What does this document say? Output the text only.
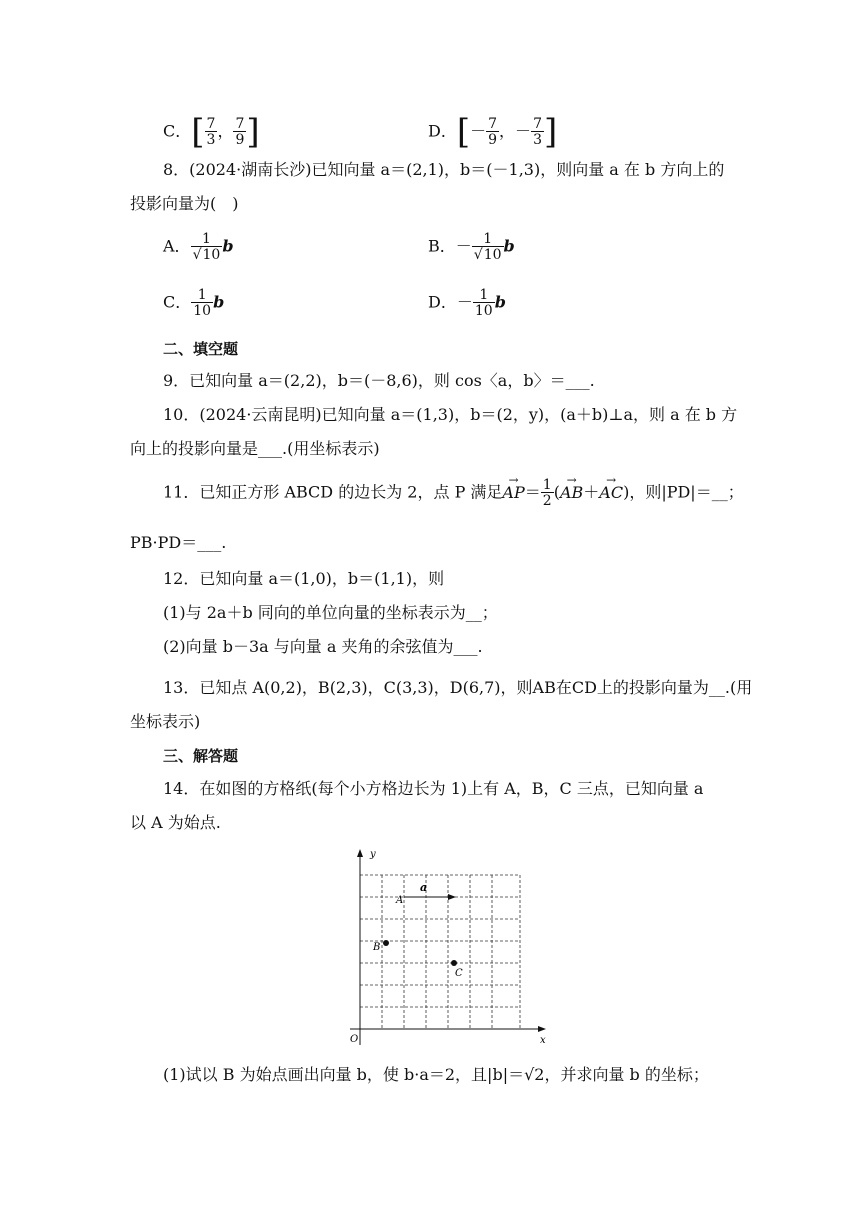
C．[ $\frac{7}{3}$ ， $\frac{7}{9}$ ]	D．[－ $\frac{7}{9}$ ，－ $\frac{7}{3}$ ]
8．(2024·湖南长沙)已知向量 a＝(2,1)，b＝(－1,3)，则向量 a 在 b 方向上的
投影向量为(　)
A． $\frac{1}{√10}$ b	B．－ $\frac{1}{√10}$ b
C． $\frac{1}{10}$ b	D．－ $\frac{1}{10}$ b
二、填空题
9．已知向量 a＝(2,2)，b＝(－8,6)，则 cos〈a，b〉＝___.
10．(2024·云南昆明)已知向量 a＝(1,3)，b＝(2，y)，(a＋b)⊥a，则 a 在 b 方
向上的投影向量是___.(用坐标表示)
11．已知正方形 ABCD 的边长为 2，点 P 满足→ $AP= \frac{1}{2}$ (→ AB＋→ AC)，则|PD|＝__；
PB·PD＝___.
12．已知向量 a＝(1,0)，b＝(1,1)，则
(1)与 2a＋b 同向的单位向量的坐标表示为__；
(2)向量 b－3a 与向量 a 夹角的余弦值为___.
13．已知点 A(0,2)，B(2,3)，C(3,3)，D(6,7)，则AB在CD上的投影向量为__.(用
坐标表示)
三、解答题
14．在如图的方格纸(每个小方格边长为 1)上有 A，B，C 三点，已知向量 a
以 A 为始点.
y
x
O
a
A
B
C
(1)试以 B 为始点画出向量 b，使 b·a＝2，且|b|＝√2，并求向量 b 的坐标；
